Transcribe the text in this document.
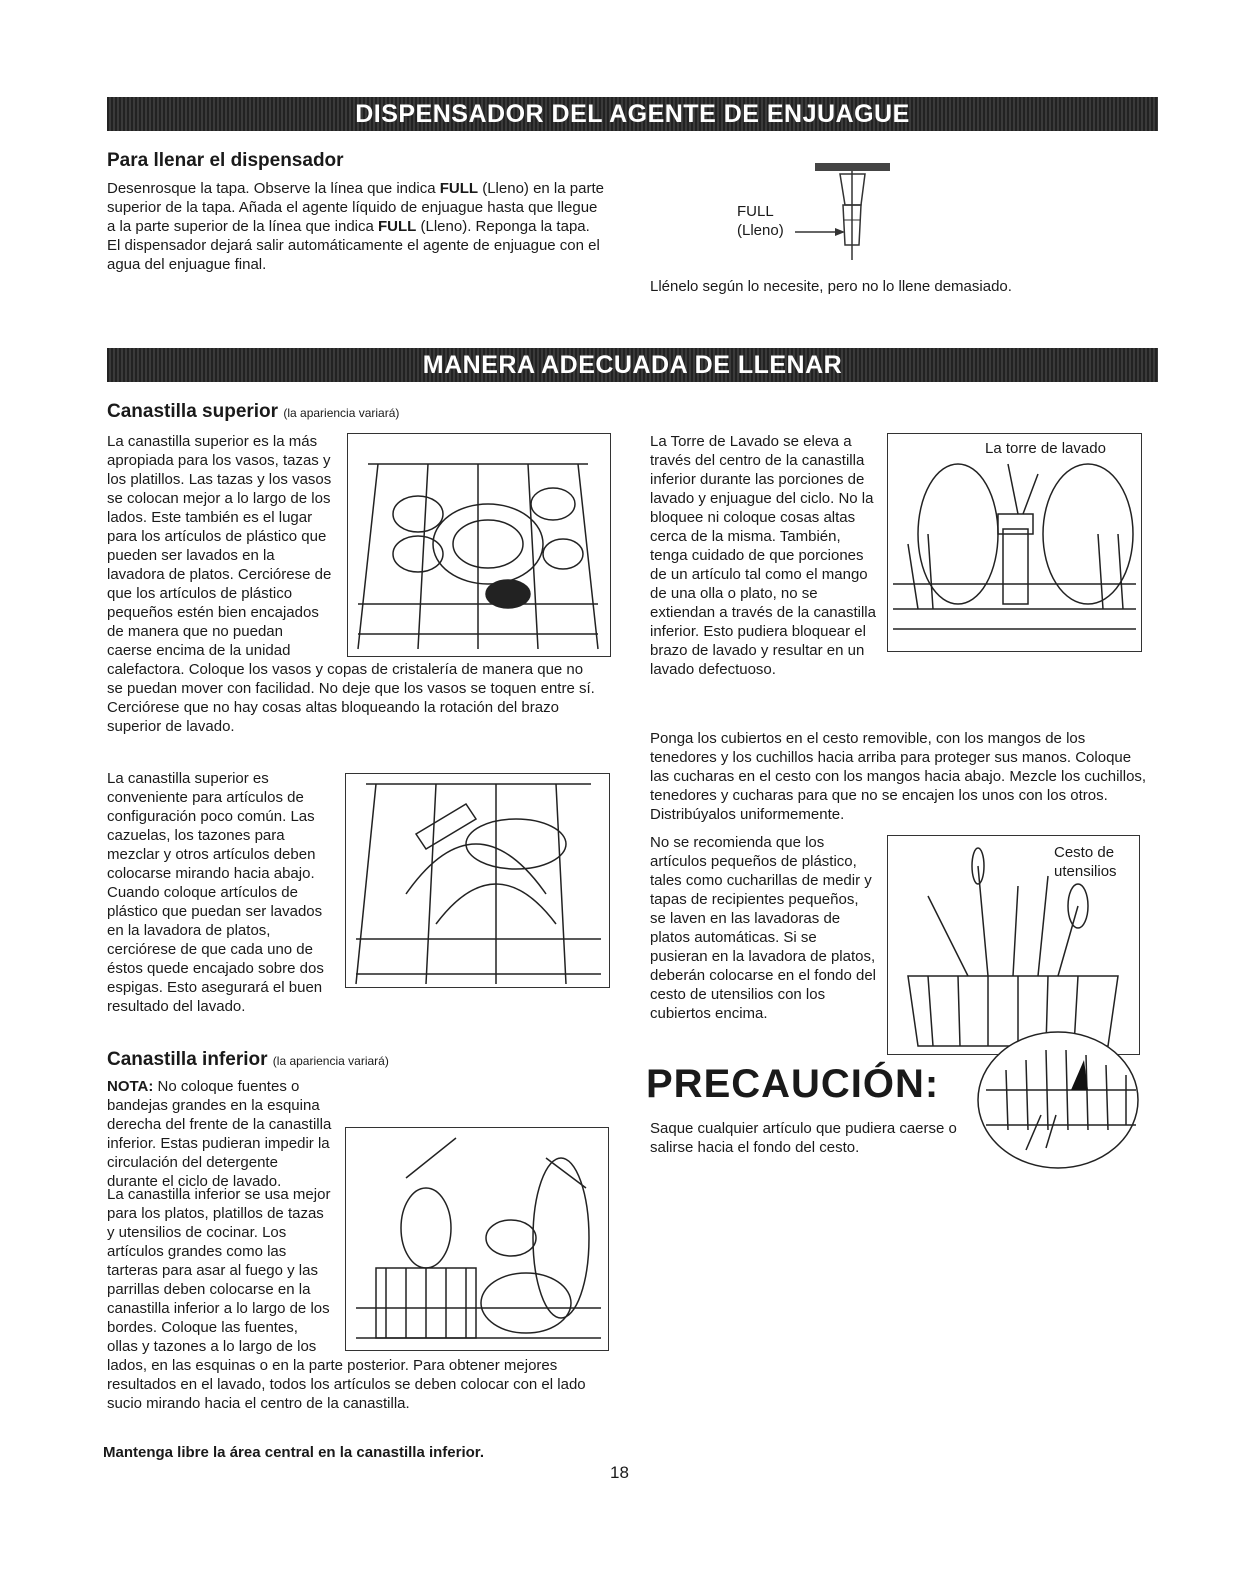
DISPENSADOR DEL AGENTE DE ENJUAGUE
Para llenar el dispensador

Desenrosque la tapa. Observe la línea que indica FULL (Lleno) en la parte superior de la tapa. Añada el agente líquido de enjuague hasta que llegue a la parte superior de la línea que indica FULL (Lleno). Reponga la tapa. El dispensador dejará salir automáticamente el agente de enjuague con el agua del enjuague final.

FULL
(Lleno)
Llénelo según lo necesite, pero no lo llene demasiado.
MANERA ADECUADA DE LLENAR
Canastilla superior (la apariencia variará)

La canastilla superior es la más apropiada para los vasos, tazas y los platillos. Las tazas y los vasos se colocan mejor a lo largo de los lados. Este también es el lugar para los artículos de plástico que pueden ser lavados en la lavadora de platos. Cerciórese de que los artículos de plástico pequeños estén bien encajados de manera que no puedan caerse encima de la unidad calefactora. Coloque los vasos y copas de cristalería de manera que no se puedan mover con facilidad. No deje que los vasos se toquen entre sí. Cerciórese que no hay cosas altas bloqueando la rotación del brazo superior de lavado.

La canastilla superior es conveniente para artículos de configuración poco común. Las cazuelas, los tazones para mezclar y otros artículos deben colocarse mirando hacia abajo. Cuando coloque artículos de plástico que puedan ser lavados en la lavadora de platos, cerciórese de que cada uno de éstos quede encajado sobre dos espigas. Esto asegurará el buen resultado del lavado.

Canastilla inferior (la apariencia variará)

NOTA: No coloque fuentes o bandejas grandes en la esquina derecha del frente de la canastilla inferior. Estas pudieran impedir la circulación del detergente durante el ciclo de lavado.

La canastilla inferior se usa mejor para los platos, platillos de tazas y utensilios de cocinar. Los artículos grandes como las tarteras para asar al fuego y las parrillas deben colocarse en la canastilla inferior a lo largo de los bordes. Coloque las fuentes, ollas y tazones a lo largo de los lados, en las esquinas o en la parte posterior. Para obtener mejores resultados en el lavado, todos los artículos se deben colocar con el lado sucio mirando hacia el centro de la canastilla.

Mantenga libre la área central en la canastilla inferior.
La torre de lavado

La Torre de Lavado se eleva a través del centro de la canastilla inferior durante las porciones de lavado y enjuague del ciclo. No la bloquee ni coloque cosas altas cerca de la misma. También, tenga cuidado de que porciones de un artículo tal como el mango de una olla o plato, no se extiendan a través de la canastilla inferior. Esto pudiera bloquear el brazo de lavado y resultar en un lavado defectuoso.

Ponga los cubiertos en el cesto removible, con los mangos de los tenedores y los cuchillos hacia arriba para proteger sus manos. Coloque las cucharas en el cesto con los mangos hacia abajo. Mezcle los cuchillos, tenedores y cucharas para que no se encajen los unos con los otros. Distribúyalos uniformemente.

Cesto de
utensilios

No se recomienda que los artículos pequeños de plástico, tales como cucharillas de medir y tapas de recipientes pequeños, se laven en las lavadoras de platos automáticas. Si se pusieran en la lavadora de platos, deberán colocarse en el fondo del cesto de utensilios con los cubiertos encima.

PRECAUCIÓN:

Saque cualquier artículo que pudiera caerse o salirse hacia el fondo del cesto.

18
